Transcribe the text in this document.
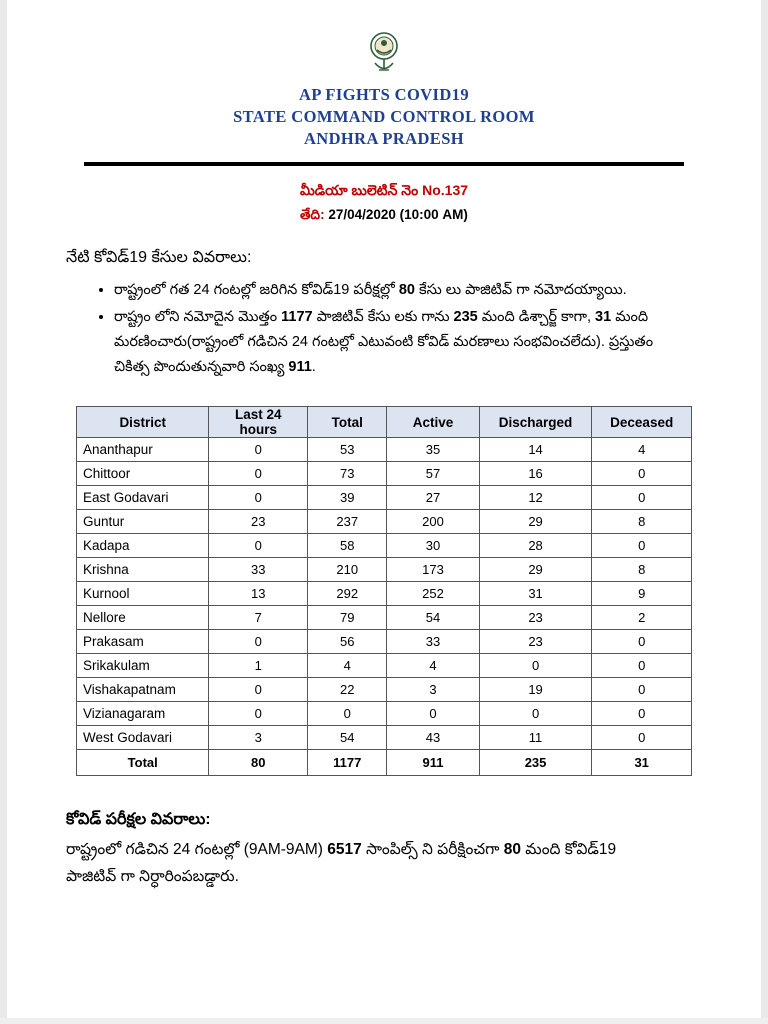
AP FIGHTS COVID19
STATE COMMAND CONTROL ROOM
ANDHRA PRADESH
మీడియా బులెటిన్ నెం No.137
తేది: 27/04/2020 (10:00 AM)
నేటి కోవిడ్19 కేసుల వివరాలు:
• రాష్ట్రంలో గత 24 గంటల్లో జరిగిన కోవిడ్19 పరీక్షల్లో 80 కేసు లు పాజిటివ్ గా నమోదయ్యాయి.
• రాష్ట్రం లోని నమోదైన మొత్తం 1177 పాజిటివ్ కేసు లకు గాను 235 మంది డిశ్చార్జ్ కాగా, 31 మంది మరణించారు(రాష్ట్రంలో గడిచిన 24 గంటల్లో ఎటువంటి కోవిడ్ మరణాలు సంభవించలేదు). ప్రస్తుతం చికిత్స పొందుతున్నవారి సంఖ్య 911.
District	Last 24 hours	Total	Active	Discharged	Deceased
Ananthapur	0	53	35	14	4
Chittoor	0	73	57	16	0
East Godavari	0	39	27	12	0
Guntur	23	237	200	29	8
Kadapa	0	58	30	28	0
Krishna	33	210	173	29	8
Kurnool	13	292	252	31	9
Nellore	7	79	54	23	2
Prakasam	0	56	33	23	0
Srikakulam	1	4	4	0	0
Vishakapatnam	0	22	3	19	0
Vizianagaram	0	0	0	0	0
West Godavari	3	54	43	11	0
Total	80	1177	911	235	31
కోవిడ్ పరీక్షల వివరాలు:
రాష్ట్రంలో గడిచిన 24 గంటల్లో (9AM-9AM) 6517 సాంపిల్స్ ని పరీక్షించగా 80 మంది కోవిడ్19 పాజిటివ్ గా నిర్ధారింపబడ్డారు.
